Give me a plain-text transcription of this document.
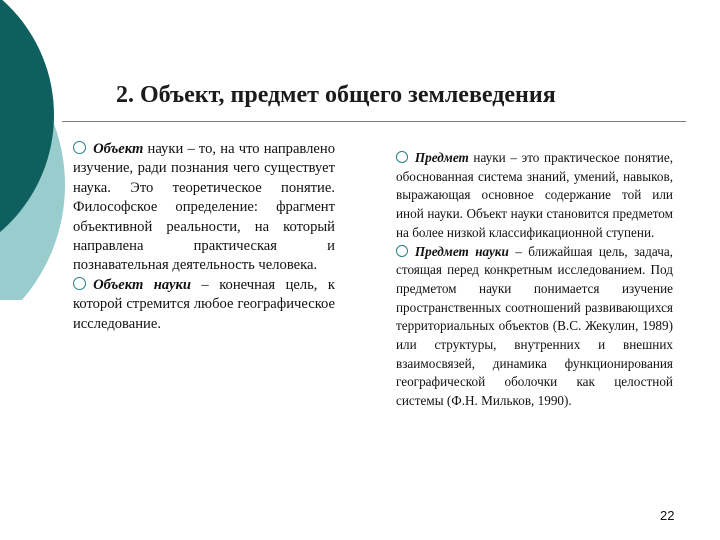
2. Объект, предмет общего землеведения

Объект науки – то, на что направлено изучение, ради познания чего существует наука. Это теоретическое понятие. Философское определение: фрагмент объективной реальности, на который направлена практическая и познавательная деятельность человека.

Объект науки – конечная цель, к которой стремится любое географическое исследование.

Предмет науки – это практическое понятие, обоснованная система знаний, умений, навыков, выражающая основное содержание той или иной науки. Объект науки становится предметом на более низкой классификационной ступени.

Предмет науки – ближайшая цель, задача, стоящая перед конкретным исследованием. Под предметом науки понимается изучение пространственных соотношений развивающихся территориальных объектов (В.С. Жекулин, 1989) или структуры, внутренних и внешних взаимосвязей, динамика функционирования географической оболочки как целостной системы (Ф.Н. Мильков, 1990).

22
